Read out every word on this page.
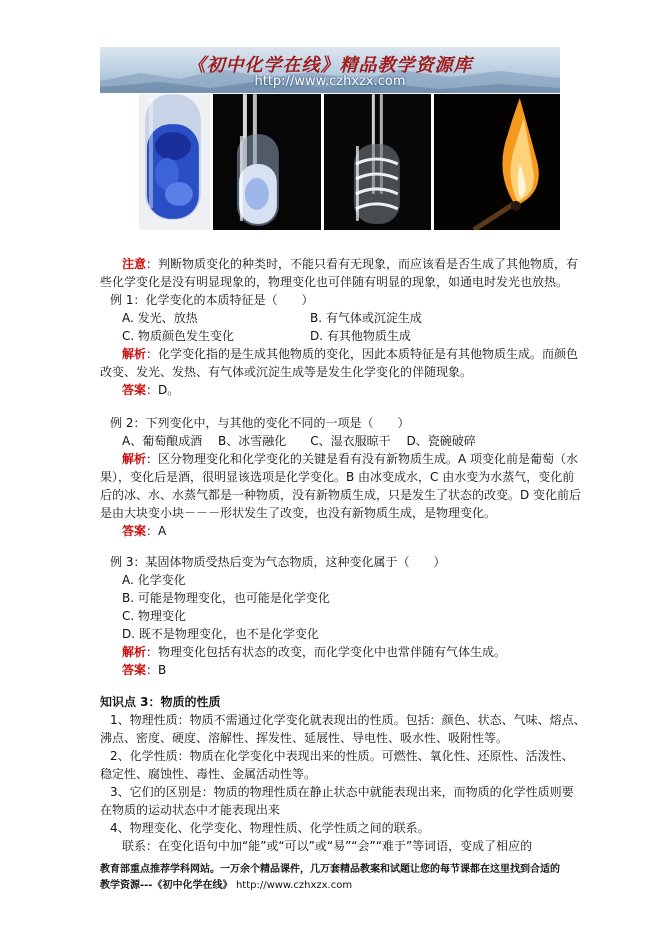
《初中化学在线》精品教学资源库
http://www.czhxzx.com
注意：判断物质变化的种类时，不能只看有无现象，而应该看是否生成了其他物质，有
些化学变化是没有明显现象的，物理变化也可伴随有明显的现象，如通电时发光也放热。
例 1：化学变化的本质特征是（　　）
A. 发光、放热	B. 有气体或沉淀生成
C. 物质颜色发生变化	D. 有其他物质生成
解析：化学变化指的是生成其他物质的变化，因此本质特征是有其他物质生成。而颜色
改变、发光、发热、有气体或沉淀生成等是发生化学变化的伴随现象。
答案：D。
例 2：下列变化中，与其他的变化不同的一项是（　　）
A、葡萄酿成酒　 B、冰雪融化　　C、湿衣服晾干　 D、瓷碗破碎
解析：区分物理变化和化学变化的关键是看有没有新物质生成。A 项变化前是葡萄（水
果），变化后是酒，很明显该选项是化学变化。B 由冰变成水，C 由水变为水蒸气，变化前
后的冰、水、水蒸气都是一种物质，没有新物质生成，只是发生了状态的改变。D 变化前后
是由大块变小块－－－形状发生了改变，也没有新物质生成，是物理变化。
答案：A
例 3：某固体物质受热后变为气态物质，这种变化属于（　　）
A. 化学变化
B. 可能是物理变化，也可能是化学变化
C. 物理变化
D. 既不是物理变化，也不是化学变化
解析：物理变化包括有状态的改变，而化学变化中也常伴随有气体生成。
答案：B
知识点 3：物质的性质
1、物理性质：物质不需通过化学变化就表现出的性质。包括：颜色、状态、气味、熔点、
沸点、密度、硬度、溶解性、挥发性、延展性、导电性、吸水性、吸附性等。
2、化学性质：物质在化学变化中表现出来的性质。可燃性、氧化性、还原性、活泼性、
稳定性、腐蚀性、毒性、金属活动性等。
3、它们的区别是：物质的物理性质在静止状态中就能表现出来，而物质的化学性质则要
在物质的运动状态中才能表现出来
4、物理变化、化学变化、物理性质、化学性质之间的联系。
联系：在变化语句中加“能”或“可以”或“易”“会”“难于”等词语，变成了相应的
教育部重点推荐学科网站。一万余个精品课件，几万套精品教案和试题让您的每节课都在这里找到合适的
教学资源---《初中化学在线》 http://www.czhxzx.com
